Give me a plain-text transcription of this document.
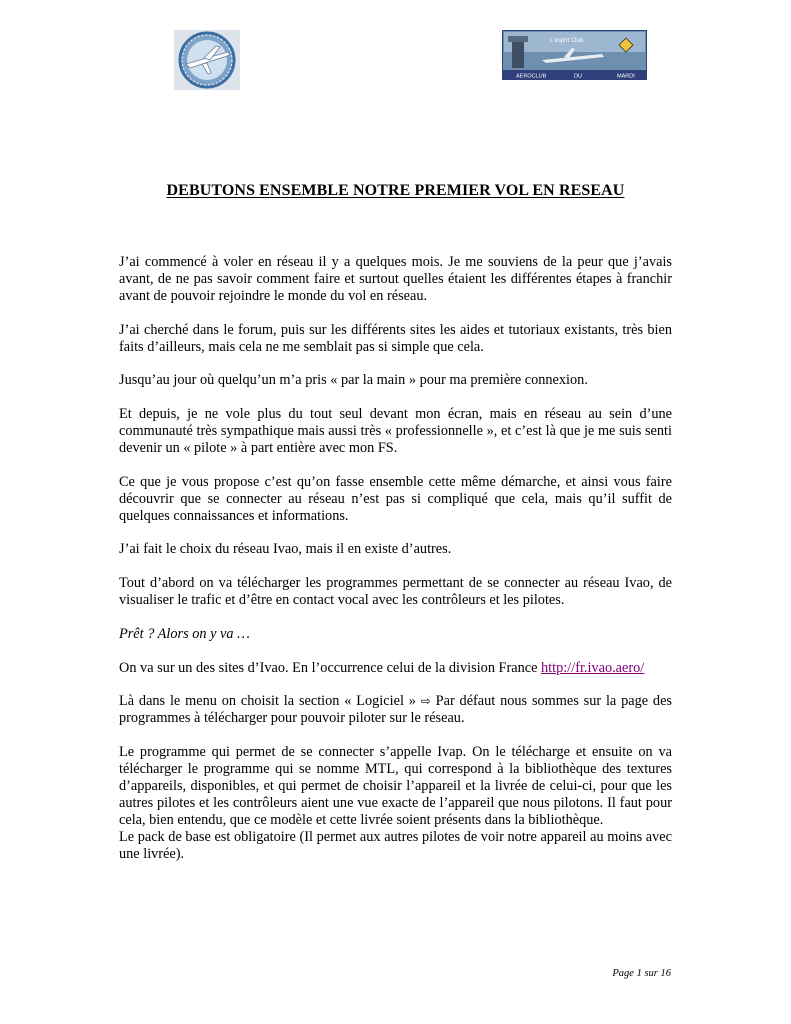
L'esprit Club
AEROCLUB	DU	MARDI
DEBUTONS ENSEMBLE NOTRE PREMIER VOL EN RESEAU

J’ai commencé à voler en réseau il y a quelques mois. Je me souviens de la peur que j’avais avant, de ne pas savoir comment faire et surtout quelles étaient les différentes étapes à franchir avant de pouvoir rejoindre le monde du vol en réseau.

J’ai cherché dans le forum, puis sur les différents sites les aides et tutoriaux existants, très bien faits d’ailleurs, mais cela ne me semblait pas si simple que cela.

Jusqu’au jour où quelqu’un m’a pris « par la main » pour ma première connexion.

Et depuis, je ne vole plus du tout seul devant mon écran, mais en réseau au sein d’une communauté très sympathique mais aussi très « professionnelle », et c’est là que je me suis senti devenir un « pilote » à part entière avec mon FS.

Ce que je vous propose c’est qu’on fasse ensemble cette même démarche, et ainsi vous faire découvrir que se connecter au réseau n’est pas si compliqué que cela, mais qu’il suffit de quelques connaissances et informations.

J’ai fait le choix du réseau Ivao, mais il en existe d’autres.

Tout d’abord on va télécharger les programmes permettant de se connecter au réseau Ivao, de visualiser le trafic et d’être en contact vocal avec les contrôleurs et les pilotes.

Prêt ? Alors on y va …

On va sur un des sites d’Ivao. En l’occurrence celui de la division France http://fr.ivao.aero/

Là dans le menu on choisit la section « Logiciel » ⇨ Par défaut nous sommes sur la page des programmes à télécharger pour pouvoir piloter sur le réseau.

Le programme qui permet de se connecter s’appelle Ivap. On le télécharge et ensuite on va télécharger le programme qui se nomme MTL, qui correspond à la bibliothèque des textures d’appareils, disponibles, et qui permet de choisir l’appareil et la livrée de celui-ci, pour que les autres pilotes et les contrôleurs aient une vue exacte de l’appareil que nous pilotons. Il faut pour cela, bien entendu, que ce modèle et cette livrée soient présents dans la bibliothèque.

Le pack de base est obligatoire (Il permet aux autres pilotes de voir notre appareil au moins avec une livrée).

Page 1 sur 16
